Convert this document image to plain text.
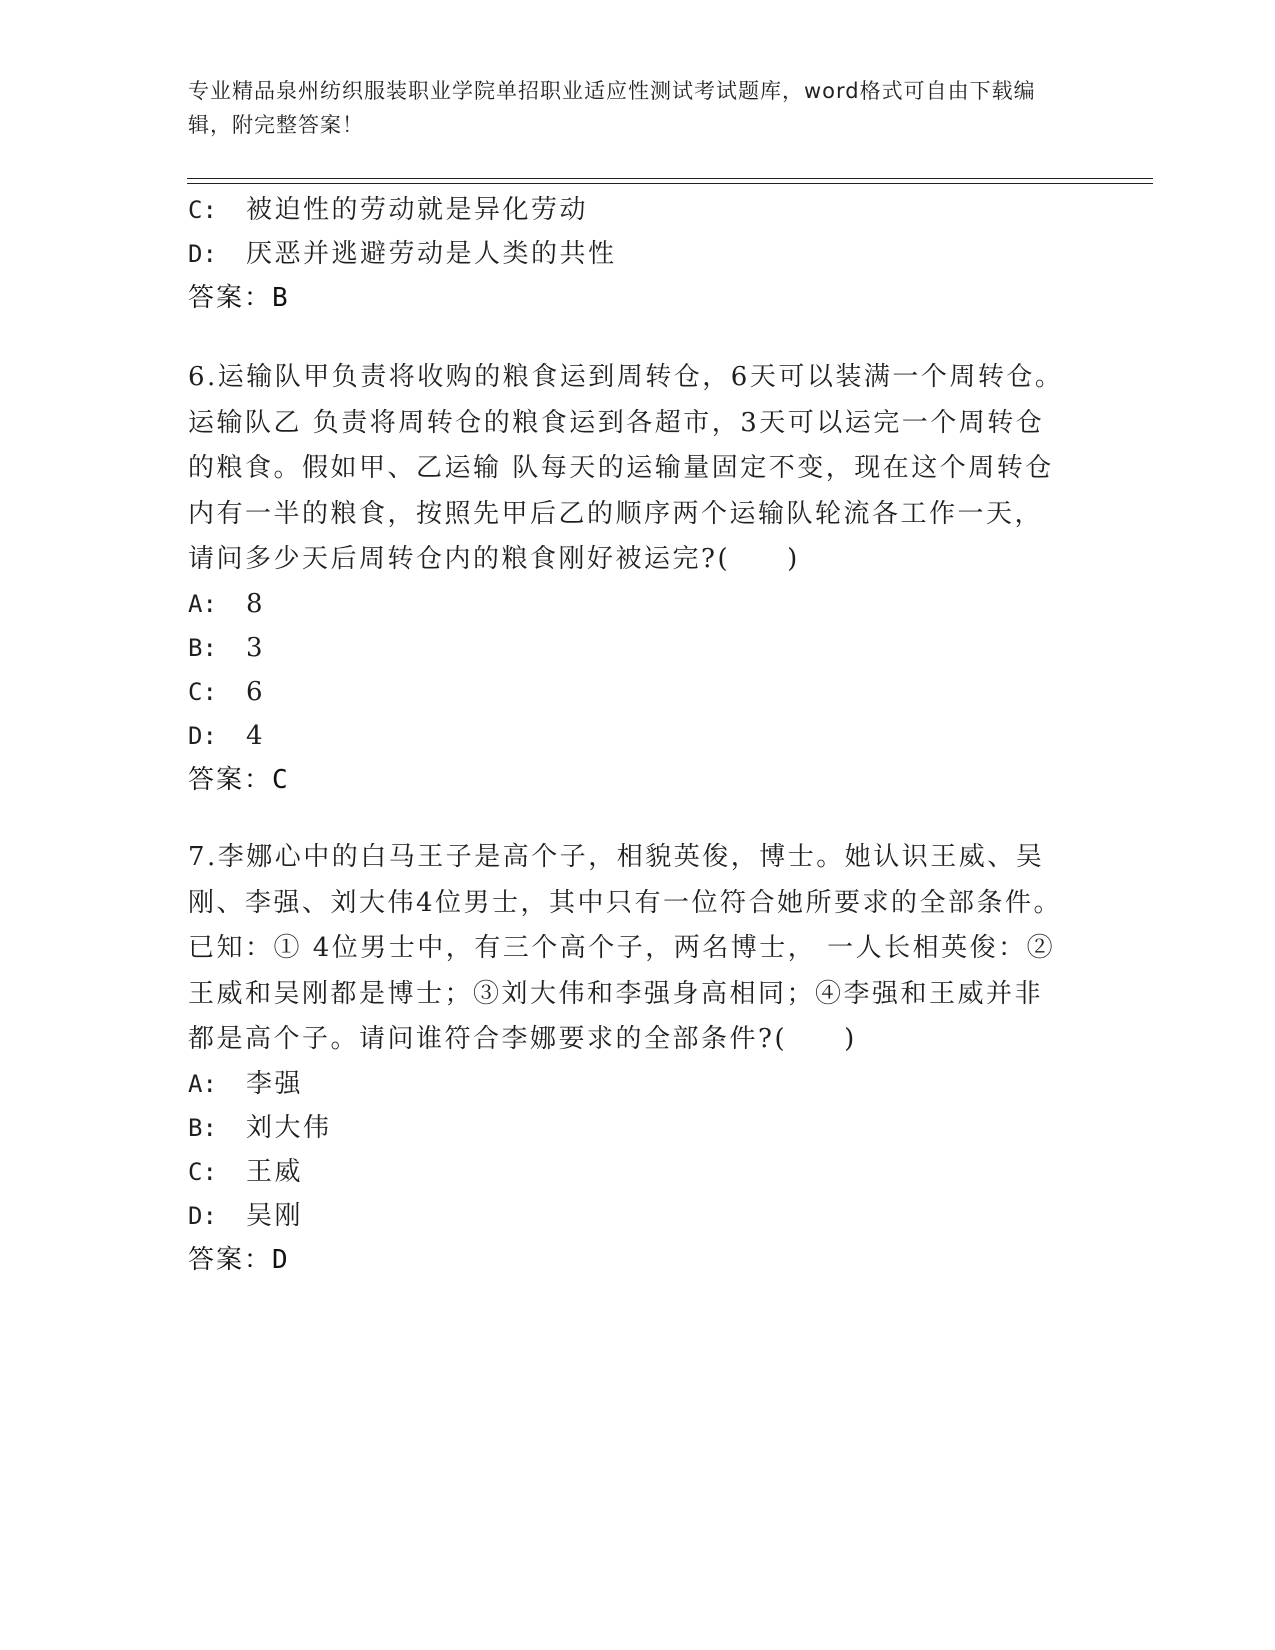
专业精品泉州纺织服装职业学院单招职业适应性测试考试题库，word格式可自由下载编辑，附完整答案！
C: 被迫性的劳动就是异化劳动
D: 厌恶并逃避劳动是人类的共性
答案：B
6.运输队甲负责将收购的粮食运到周转仓，6天可以装满一个周转仓。运输队乙 负责将周转仓的粮食运到各超市，3天可以运完一个周转仓的粮食。假如甲、乙运输 队每天的运输量固定不变，现在这个周转仓内有一半的粮食，按照先甲后乙的顺序两个运输队轮流各工作一天，请问多少天后周转仓内的粮食刚好被运完?(　　)
A: 8
B: 3
C: 6
D: 4
答案：C
7.李娜心中的白马王子是高个子，相貌英俊，博士。她认识王威、吴刚、李强、刘大伟4位男士，其中只有一位符合她所要求的全部条件。已知：① 4位男士中，有三个高个子，两名博士， 一人长相英俊：②王威和吴刚都是博士；③刘大伟和李强身高相同；④李强和王威并非都是高个子。请问谁符合李娜要求的全部条件?(　　)
A: 李强
B: 刘大伟
C: 王威
D: 吴刚
答案：D
